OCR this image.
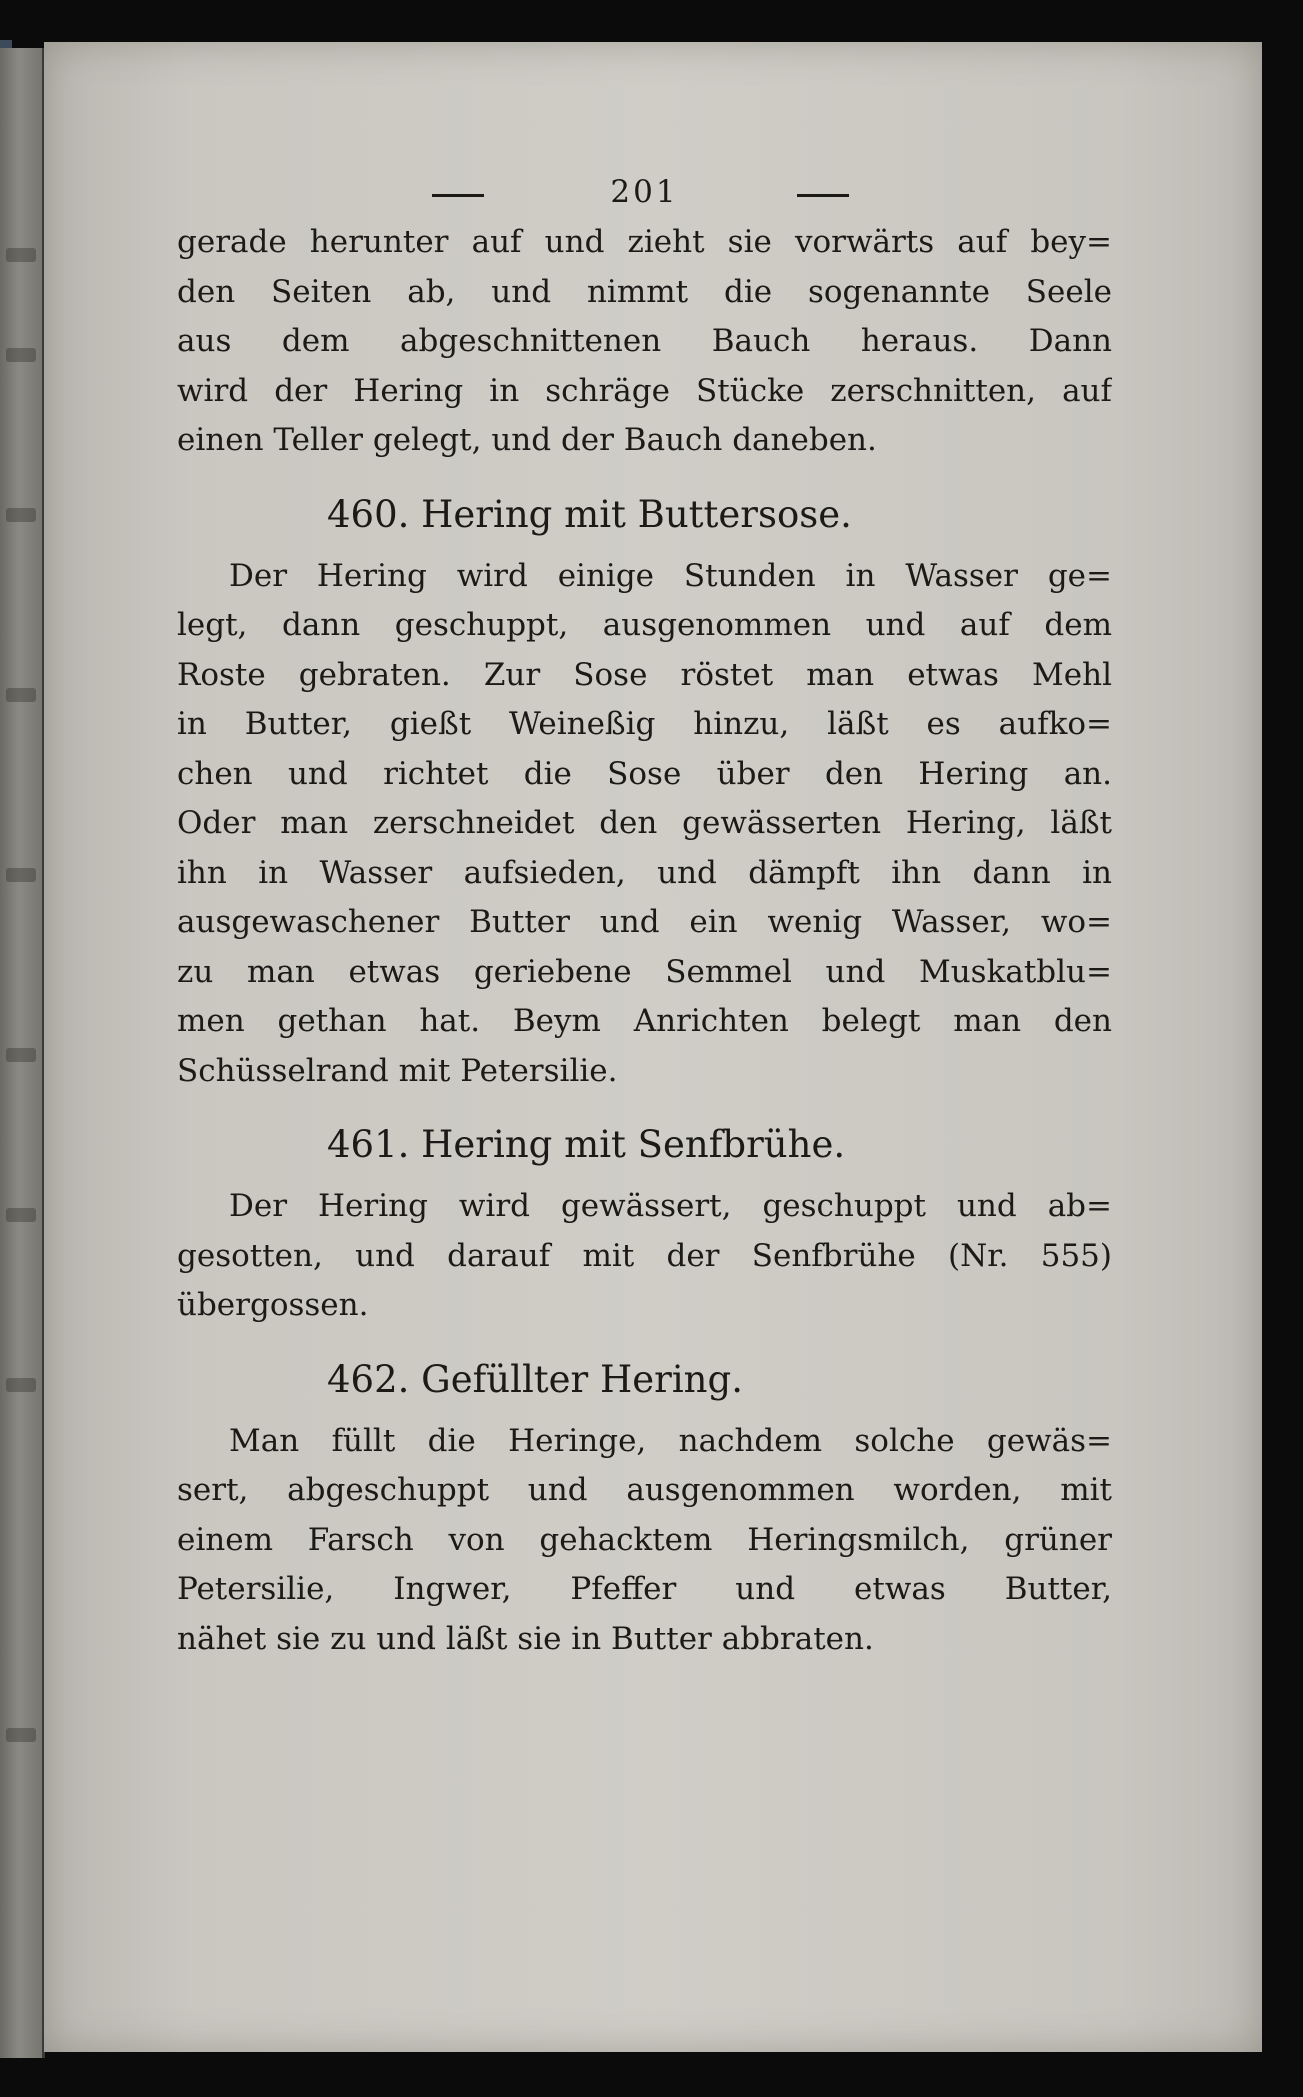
201
gerade herunter auf und zieht sie vorwärts auf bey=
den Seiten ab, und nimmt die sogenannte Seele
aus dem abgeschnittenen Bauch heraus. Dann
wird der Hering in schräge Stücke zerschnitten, auf
einen Teller gelegt, und der Bauch daneben.
460. Hering mit Buttersose.
Der Hering wird einige Stunden in Wasser ge=
legt, dann geschuppt, ausgenommen und auf dem
Roste gebraten. Zur Sose röstet man etwas Mehl
in Butter, gießt Weineßig hinzu, läßt es aufko=
chen und richtet die Sose über den Hering an.
Oder man zerschneidet den gewässerten Hering, läßt
ihn in Wasser aufsieden, und dämpft ihn dann in
ausgewaschener Butter und ein wenig Wasser, wo=
zu man etwas geriebene Semmel und Muskatblu=
men gethan hat. Beym Anrichten belegt man den
Schüsselrand mit Petersilie.
461. Hering mit Senfbrühe.
Der Hering wird gewässert, geschuppt und ab=
gesotten, und darauf mit der Senfbrühe (Nr. 555)
übergossen.
462. Gefüllter Hering.
Man füllt die Heringe, nachdem solche gewäs=
sert, abgeschuppt und ausgenommen worden, mit
einem Farsch von gehacktem Heringsmilch, grüner
Petersilie, Ingwer, Pfeffer und etwas Butter,
nähet sie zu und läßt sie in Butter abbraten.
